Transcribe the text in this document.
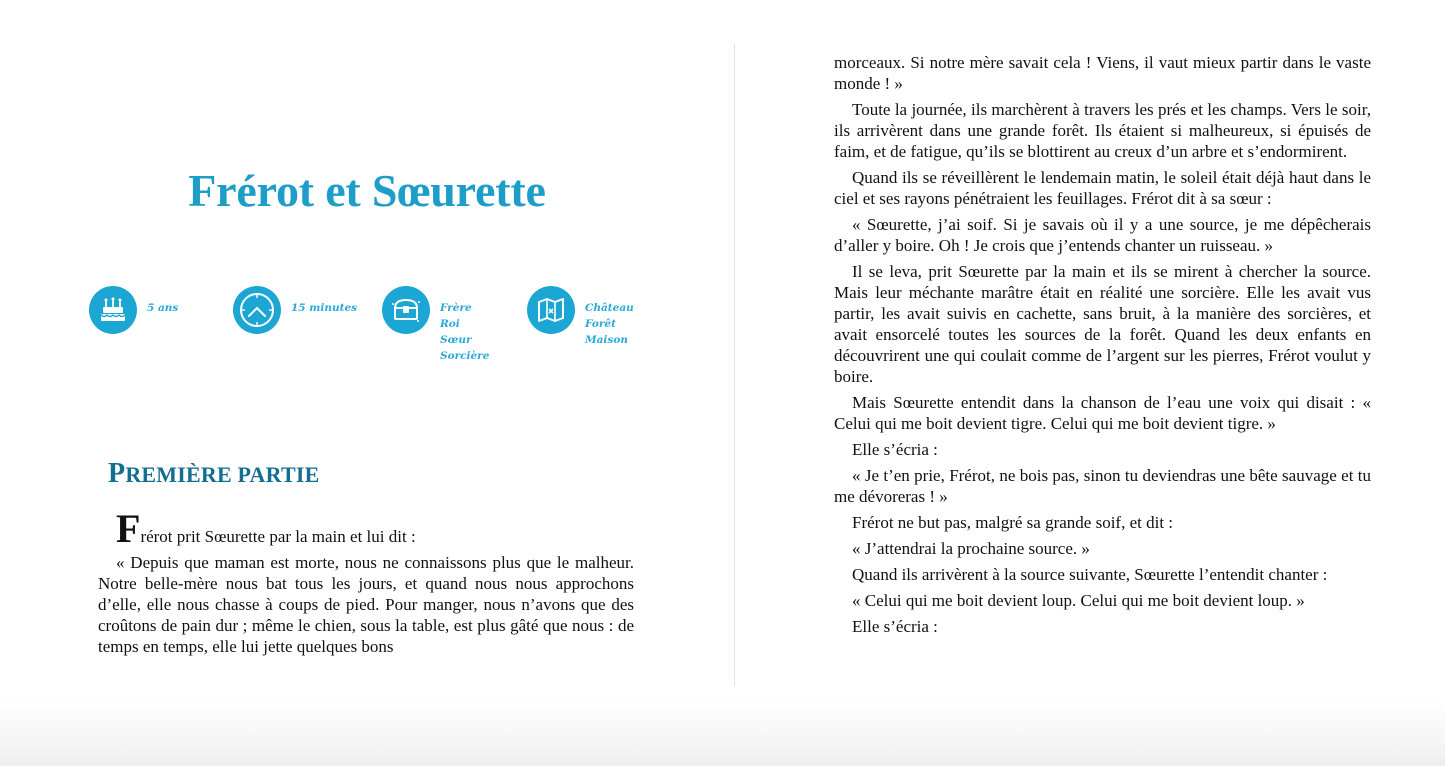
Frérot et Sœurette
5 ans	15 minutes	Frère
Roi
Sœur
Sorcière
Château
Forêt
Maison
PREMIÈRE PARTIE

Frérot prit Sœurette par la main et lui dit :

« Depuis que maman est morte, nous ne connaissons plus que le malheur. Notre belle-mère nous bat tous les jours, et quand nous nous approchons d’elle, elle nous chasse à coups de pied. Pour manger, nous n’avons que des croûtons de pain dur ; même le chien, sous la table, est plus gâté que nous : de temps en temps, elle lui jette quelques bons

morceaux. Si notre mère savait cela ! Viens, il vaut mieux partir dans le vaste monde ! »

Toute la journée, ils marchèrent à travers les prés et les champs. Vers le soir, ils arrivèrent dans une grande forêt. Ils étaient si malheureux, si épuisés de faim, et de fatigue, qu’ils se blottirent au creux d’un arbre et s’endormirent.

Quand ils se réveillèrent le lendemain matin, le soleil était déjà haut dans le ciel et ses rayons pénétraient les feuillages. Frérot dit à sa sœur :

« Sœurette, j’ai soif. Si je savais où il y a une source, je me dépêcherais d’aller y boire. Oh ! Je crois que j’entends chanter un ruisseau. »

Il se leva, prit Sœurette par la main et ils se mirent à chercher la source. Mais leur méchante marâtre était en réalité une sorcière. Elle les avait vus partir, les avait suivis en cachette, sans bruit, à la manière des sorcières, et avait ensorcelé toutes les sources de la forêt. Quand les deux enfants en découvrirent une qui coulait comme de l’argent sur les pierres, Frérot voulut y boire.

Mais Sœurette entendit dans la chanson de l’eau une voix qui disait : « Celui qui me boit devient tigre. Celui qui me boit devient tigre. »

Elle s’écria :

« Je t’en prie, Frérot, ne bois pas, sinon tu deviendras une bête sauvage et tu me dévoreras ! »

Frérot ne but pas, malgré sa grande soif, et dit :

« J’attendrai la prochaine source. »

Quand ils arrivèrent à la source suivante, Sœurette l’entendit chanter :

« Celui qui me boit devient loup. Celui qui me boit devient loup. »

Elle s’écria :
